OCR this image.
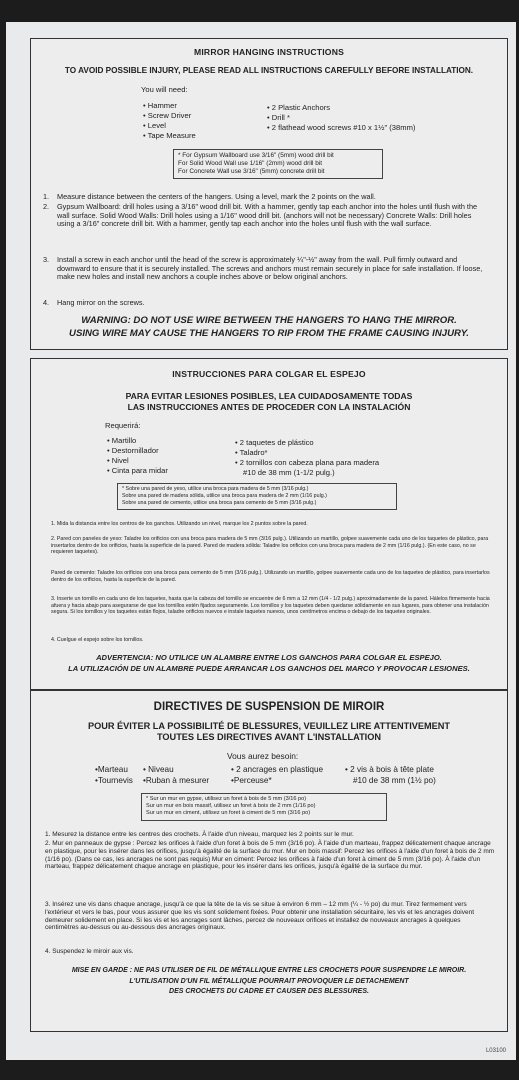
MIRROR HANGING INSTRUCTIONS
TO AVOID POSSIBLE INJURY, PLEASE READ ALL INSTRUCTIONS CAREFULLY BEFORE INSTALLATION.
You will need:
• Hammer
• Screw Driver
• Level
• Tape Measure
• 2 Plastic Anchors
• Drill *
• 2 flathead wood screws #10 x 1½" (38mm)
* For Gypsum Wallboard use 3/16" (5mm) wood drill bit
For Solid Wood Wall use 1/16" (2mm) wood drill bit
For Concrete Wall use 3/16" (5mm) concrete drill bit
1. Measure distance between the centers of the hangers. Using a level, mark the 2 points on the wall.
2. Gypsum Wallboard: drill holes using a 3/16" wood drill bit. With a hammer, gently tap each anchor into the holes until flush with the wall surface. Solid Wood Walls: Drill holes using a 1/16" wood drill bit. (anchors will not be necessary) Concrete Walls: Drill holes using a 3/16" concrete drill bit. With a hammer, gently tap each anchor into the holes until flush with the wall surface.
3. Install a screw in each anchor until the head of the screw is approximately ¼"-½" away from the wall. Pull firmly outward and downward to ensure that it is securely installed. The screws and anchors must remain securely in place for safe installation. If loose, make new holes and install new anchors a couple inches above or below original anchors.
4. Hang mirror on the screws.
WARNING: DO NOT USE WIRE BETWEEN THE HANGERS TO HANG THE MIRROR.
USING WIRE MAY CAUSE THE HANGERS TO RIP FROM THE FRAME CAUSING INJURY.
INSTRUCCIONES PARA COLGAR EL ESPEJO
PARA EVITAR LESIONES POSIBLES, LEA CUIDADOSAMENTE TODAS
LAS INSTRUCCIONES ANTES DE PROCEDER CON LA INSTALACIÓN
Requerirá:
• Martillo
• Destornillador
• Nivel
• Cinta para midar
• 2 taquetes de plástico
• Taladro*
• 2 tornillos con cabeza plana para madera
#10 de 38 mm (1-1/2 pulg.)
* Sobre una pared de yeso, utilice una broca para madera de 5 mm (3/16 pulg.)
Sobre una pared de madera sólida, utilice una broca para madera de 2 mm (1/16 pulg.)
Sobre una pared de cemento, utilice una broca para cemento de 5 mm (3/16 pulg.)
1. Mida la distancia entre los centros de los ganchos. Utilizando un nivel, marque los 2 puntos sobre la pared.
2. Pared con paneles de yeso: Taladre los orificios con una broca para madera de 5 mm (3/16 pulg.). Utilizando un martillo, golpee suavemente cada uno de los taquetes de plástico, para insertarlos dentro de los orificios, hasta la superficie de la pared. Pared de madera sólida: Taladre los orificios con una broca para madera de 2 mm (1/16 pulg.). (En este caso, no se requieren taquetes).
Pared de cemento: Taladre los orificios con una broca para cemento de 5 mm (3/16 pulg.). Utilizando un martillo, golpee suavemente cada uno de los taquetes de plástico, para insertarlos dentro de los orificios, hasta la superficie de la pared.
3. Inserte un tornillo en cada uno de los taquetes, hasta que la cabeza del tornillo se encuentre de 6 mm a 12 mm (1/4 - 1/2 pulg.) aproximadamente de la pared. Hálelos firmemente hacia afuera y hacia abajo para asegurarse de que los tornillos estén fijados seguramente. Los tornillos y los taquetes deben quedarse sólidamente en sus lugares, para obtener una instalación segura. Si los tornillos y los taquetes están flojos, taladre orificios nuevos e instale taquetes nuevos, unos centímetros encima o debajo de los taquetes originales.
4. Cuelgue el espejo sobre los tornillos.
ADVERTENCIA: NO UTILICE UN ALAMBRE ENTRE LOS GANCHOS PARA COLGAR EL ESPEJO.
LA UTILIZACIÓN DE UN ALAMBRE PUEDE ARRANCAR LOS GANCHOS DEL MARCO Y PROVOCAR LESIONES.
DIRECTIVES DE SUSPENSION DE MIROIR
POUR ÉVITER LA POSSIBILITÉ DE BLESSURES, VEUILLEZ LIRE ATTENTIVEMENT
TOUTES LES DIRECTIVES AVANT L'INSTALLATION
Vous aurez besoin:
•Marteau
•Tournevis
• Niveau
•Ruban à mesurer
• 2 ancrages en plastique
•Perceuse*
• 2 vis à bois à tête plate
#10 de 38 mm (1½ po)
* Sur un mur en gypse, utilisez un foret à bois de 5 mm (3/16 po)
Sur un mur en bois massif, utilisez un foret à bois de 2 mm (1/16 po)
Sur un mur en ciment, utilisez un foret à ciment de 5 mm (3/16 po)
1. Mesurez la distance entre les centres des crochets. À l'aide d'un niveau, marquez les 2 points sur le mur.
2. Mur en panneaux de gypse : Percez les orifices à l'aide d'un foret à bois de 5 mm (3/16 po). À l'aide d'un marteau, frappez délicatement chaque ancrage en plastique, pour les insérer dans les orifices, jusqu'à égalité de la surface du mur. Mur en bois massif: Percez les orifices à l'aide d'un foret à bois de 2 mm (1/16 po). (Dans ce cas, les ancrages ne sont pas requis) Mur en ciment: Percez les orifices à l'aide d'un foret à ciment de 5 mm (3/16 po). À l'aide d'un marteau, frappez délicatement chaque ancrage en plastique, pour les insérer dans les orifices, jusqu'à égalité de la surface du mur.
3. Insérez une vis dans chaque ancrage, jusqu'à ce que la tête de la vis se situe à environ 6 mm – 12 mm (¼ - ½ po) du mur. Tirez fermement vers l'extérieur et vers le bas, pour vous assurer que les vis sont solidement fixées. Pour obtenir une installation sécuritaire, les vis et les ancrages doivent demeurer solidement en place. Si les vis et les ancrages sont lâches, percez de nouveaux orifices et installez de nouveaux ancrages à quelques centimètres au-dessus ou au-dessous des ancrages originaux.
4. Suspendez le miroir aux vis.
MISE EN GARDE : NE PAS UTILISER DE FIL DE MÉTALLIQUE ENTRE LES CROCHETS POUR SUSPENDRE LE MIROIR.
L'UTILISATION D'UN FIL MÉTALLIQUE POURRAIT PROVOQUER LE DETACHEMENT
DES CROCHETS DU CADRE ET CAUSER DES BLESSURES.
L03100
